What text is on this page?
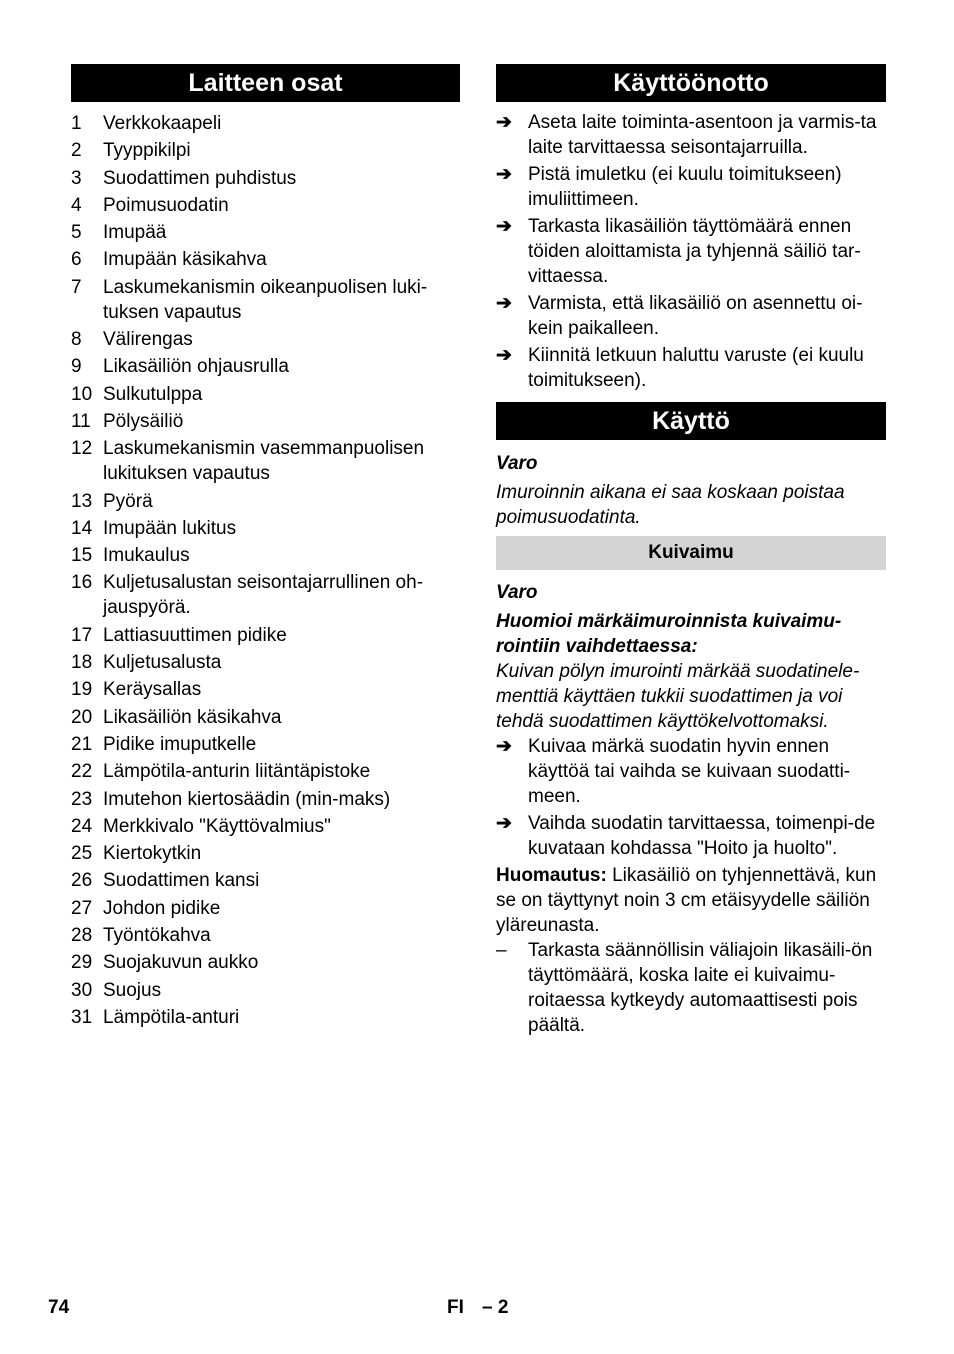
Laitteen osat
1	Verkkokaapeli
2	Tyyppikilpi
3	Suodattimen puhdistus
4	Poimusuodatin
5	Imupää
6	Imupään käsikahva
7	Laskumekanismin oikeanpuolisen luki-tuksen vapautus
8	Välirengas
9	Likasäiliön ohjausrulla
10 Sulkutulppa
11 Pölysäiliö
12 Laskumekanismin vasemmanpuolisen lukituksen vapautus
13 Pyörä
14 Imupään lukitus
15 Imukaulus
16 Kuljetusalustan seisontajarrullinen oh-jauspyörä.
17 Lattiasuuttimen pidike
18 Kuljetusalusta
19 Keräysallas
20 Likasäiliön käsikahva
21 Pidike imuputkelle
22 Lämpötila-anturin liitäntäpistoke
23 Imutehon kiertosäädin (min-maks)
24 Merkkivalo "Käyttövalmius"
25 Kiertokytkin
26 Suodattimen kansi
27 Johdon pidike
28 Työntökahva
29 Suojakuvun aukko
30 Suojus
31 Lämpötila-anturi
Käyttöönotto
➔ Aseta laite toiminta-asentoon ja varmis-ta laite tarvittaessa seisontajarruilla.
➔ Pistä imuletku (ei kuulu toimitukseen) imuliittimeen.
➔ Tarkasta likasäiliön täyttömäärä ennen töiden aloittamista ja tyhjennä säiliö tar-vittaessa.
➔ Varmista, että likasäiliö on asennettu oi-kein paikalleen.
➔ Kiinnitä letkuun haluttu varuste (ei kuulu toimitukseen).
Käyttö
Varo
Imuroinnin aikana ei saa koskaan poistaa poimusuodatinta.
Kuivaimu
Varo
Huomioi märkäimuroinnista kuivaimu-rointiin vaihdettaessa:
Kuivan pölyn imurointi märkää suodatinele-menttiä käyttäen tukkii suodattimen ja voi tehdä suodattimen käyttökelvottomaksi.
➔ Kuivaa märkä suodatin hyvin ennen käyttöä tai vaihda se kuivaan suodatti-meen.
➔ Vaihda suodatin tarvittaessa, toimenpi-de kuvataan kohdassa "Hoito ja huolto".
Huomautus: Likasäiliö on tyhjennettävä, kun se on täyttynyt noin 3 cm etäisyydelle säiliön yläreunasta.
–	Tarkasta säännöllisin väliajoin likasäili-ön täyttömäärä, koska laite ei kuivaimu-roitaessa kytkeydy automaattisesti pois päältä.
74	FI – 2
